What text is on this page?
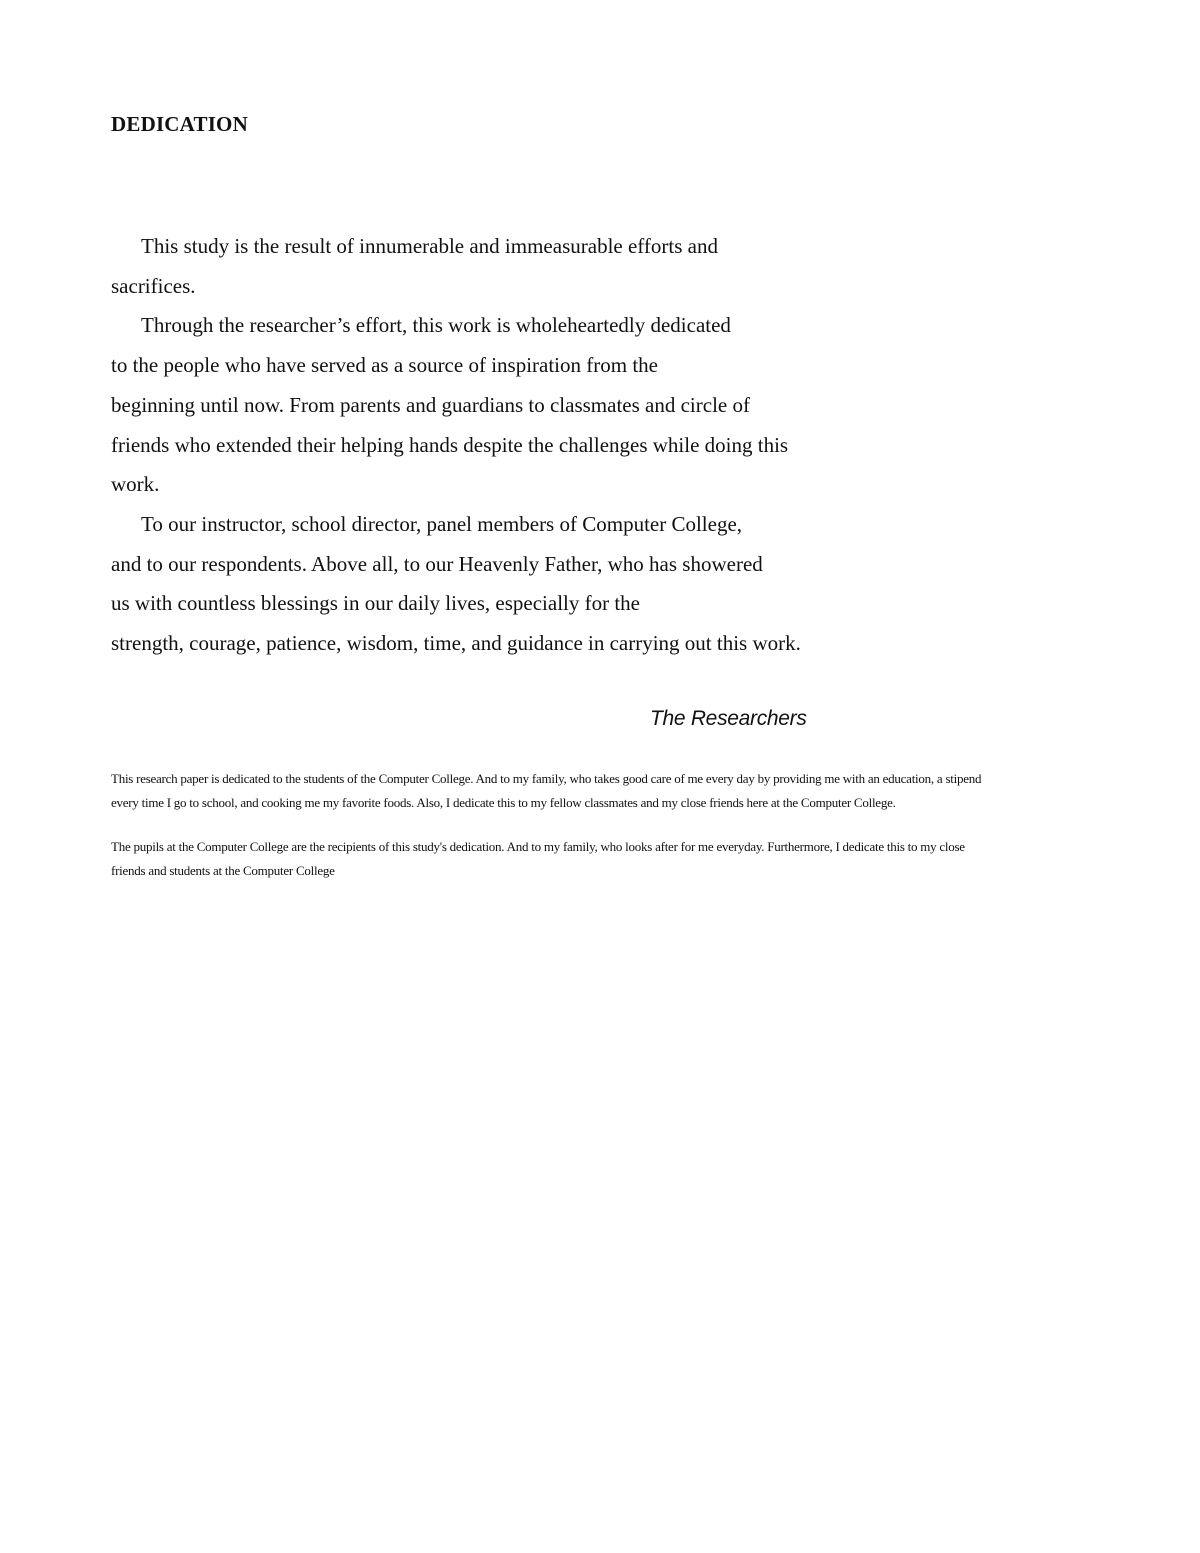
DEDICATION
This study is the result of innumerable and immeasurable efforts and
sacrifices.
Through the researcher’s effort, this work is wholeheartedly dedicated
to the people who have served as a source of inspiration from the
beginning until now. From parents and guardians to classmates and circle of
friends who extended their helping hands despite the challenges while doing this
work.
To our instructor, school director, panel members of Computer College,
and to our respondents. Above all, to our Heavenly Father, who has showered
us with countless blessings in our daily lives, especially for the
strength, courage, patience, wisdom, time, and guidance in carrying out this work.

The Researchers

This research paper is dedicated to the students of the Computer College. And to my family, who takes good care of me every day by providing me with an education, a stipend
every time I go to school, and cooking me my favorite foods. Also, I dedicate this to my fellow classmates and my close friends here at the Computer College.
The pupils at the Computer College are the recipients of this study's dedication. And to my family, who looks after for me everyday. Furthermore, I dedicate this to my close
friends and students at the Computer College
